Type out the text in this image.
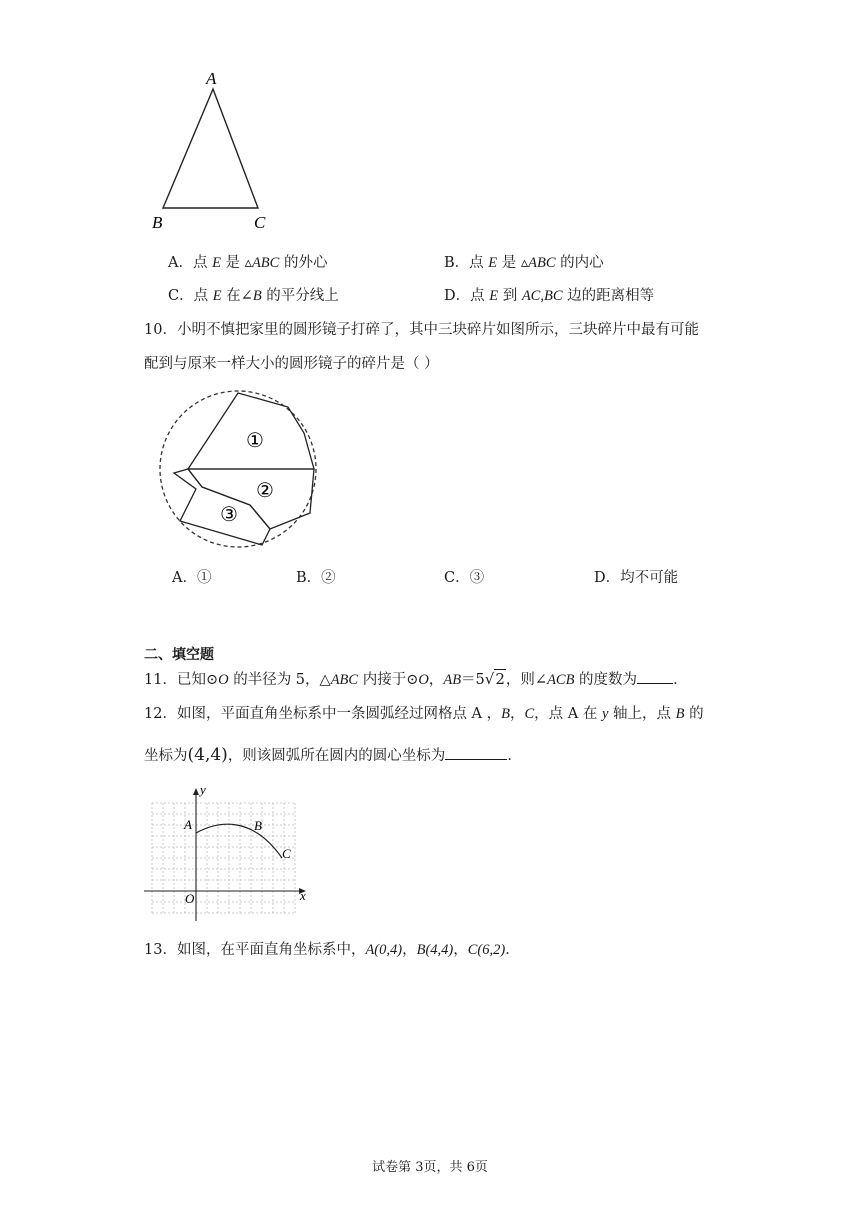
A
B	C
A．点 E 是 ▵ABC 的外心	B．点 E 是 ▵ABC 的内心
C．点 E 在∠B 的平分线上	D．点 E 到 AC,BC 边的距离相等
10．小明不慎把家里的圆形镜子打碎了，其中三块碎片如图所示，三块碎片中最有可能
配到与原来一样大小的圆形镜子的碎片是（ ）
①
②
③
A．①	B．②	C．③	D．均不可能
二、填空题
11．已知⊙O 的半径为 5，△ABC 内接于⊙O，AB＝5√2，则∠ACB 的度数为 ．
12．如图，平面直角坐标系中一条圆弧经过网格点 A ，B，C，点 A 在 y 轴上，点 B 的
坐标为(4,4)，则该圆弧所在圆内的圆心坐标为	．
y
x
A	B
C
O
13．如图，在平面直角坐标系中，A(0,4)，B(4,4)，C(6,2)．
试卷第 3页，共 6页
